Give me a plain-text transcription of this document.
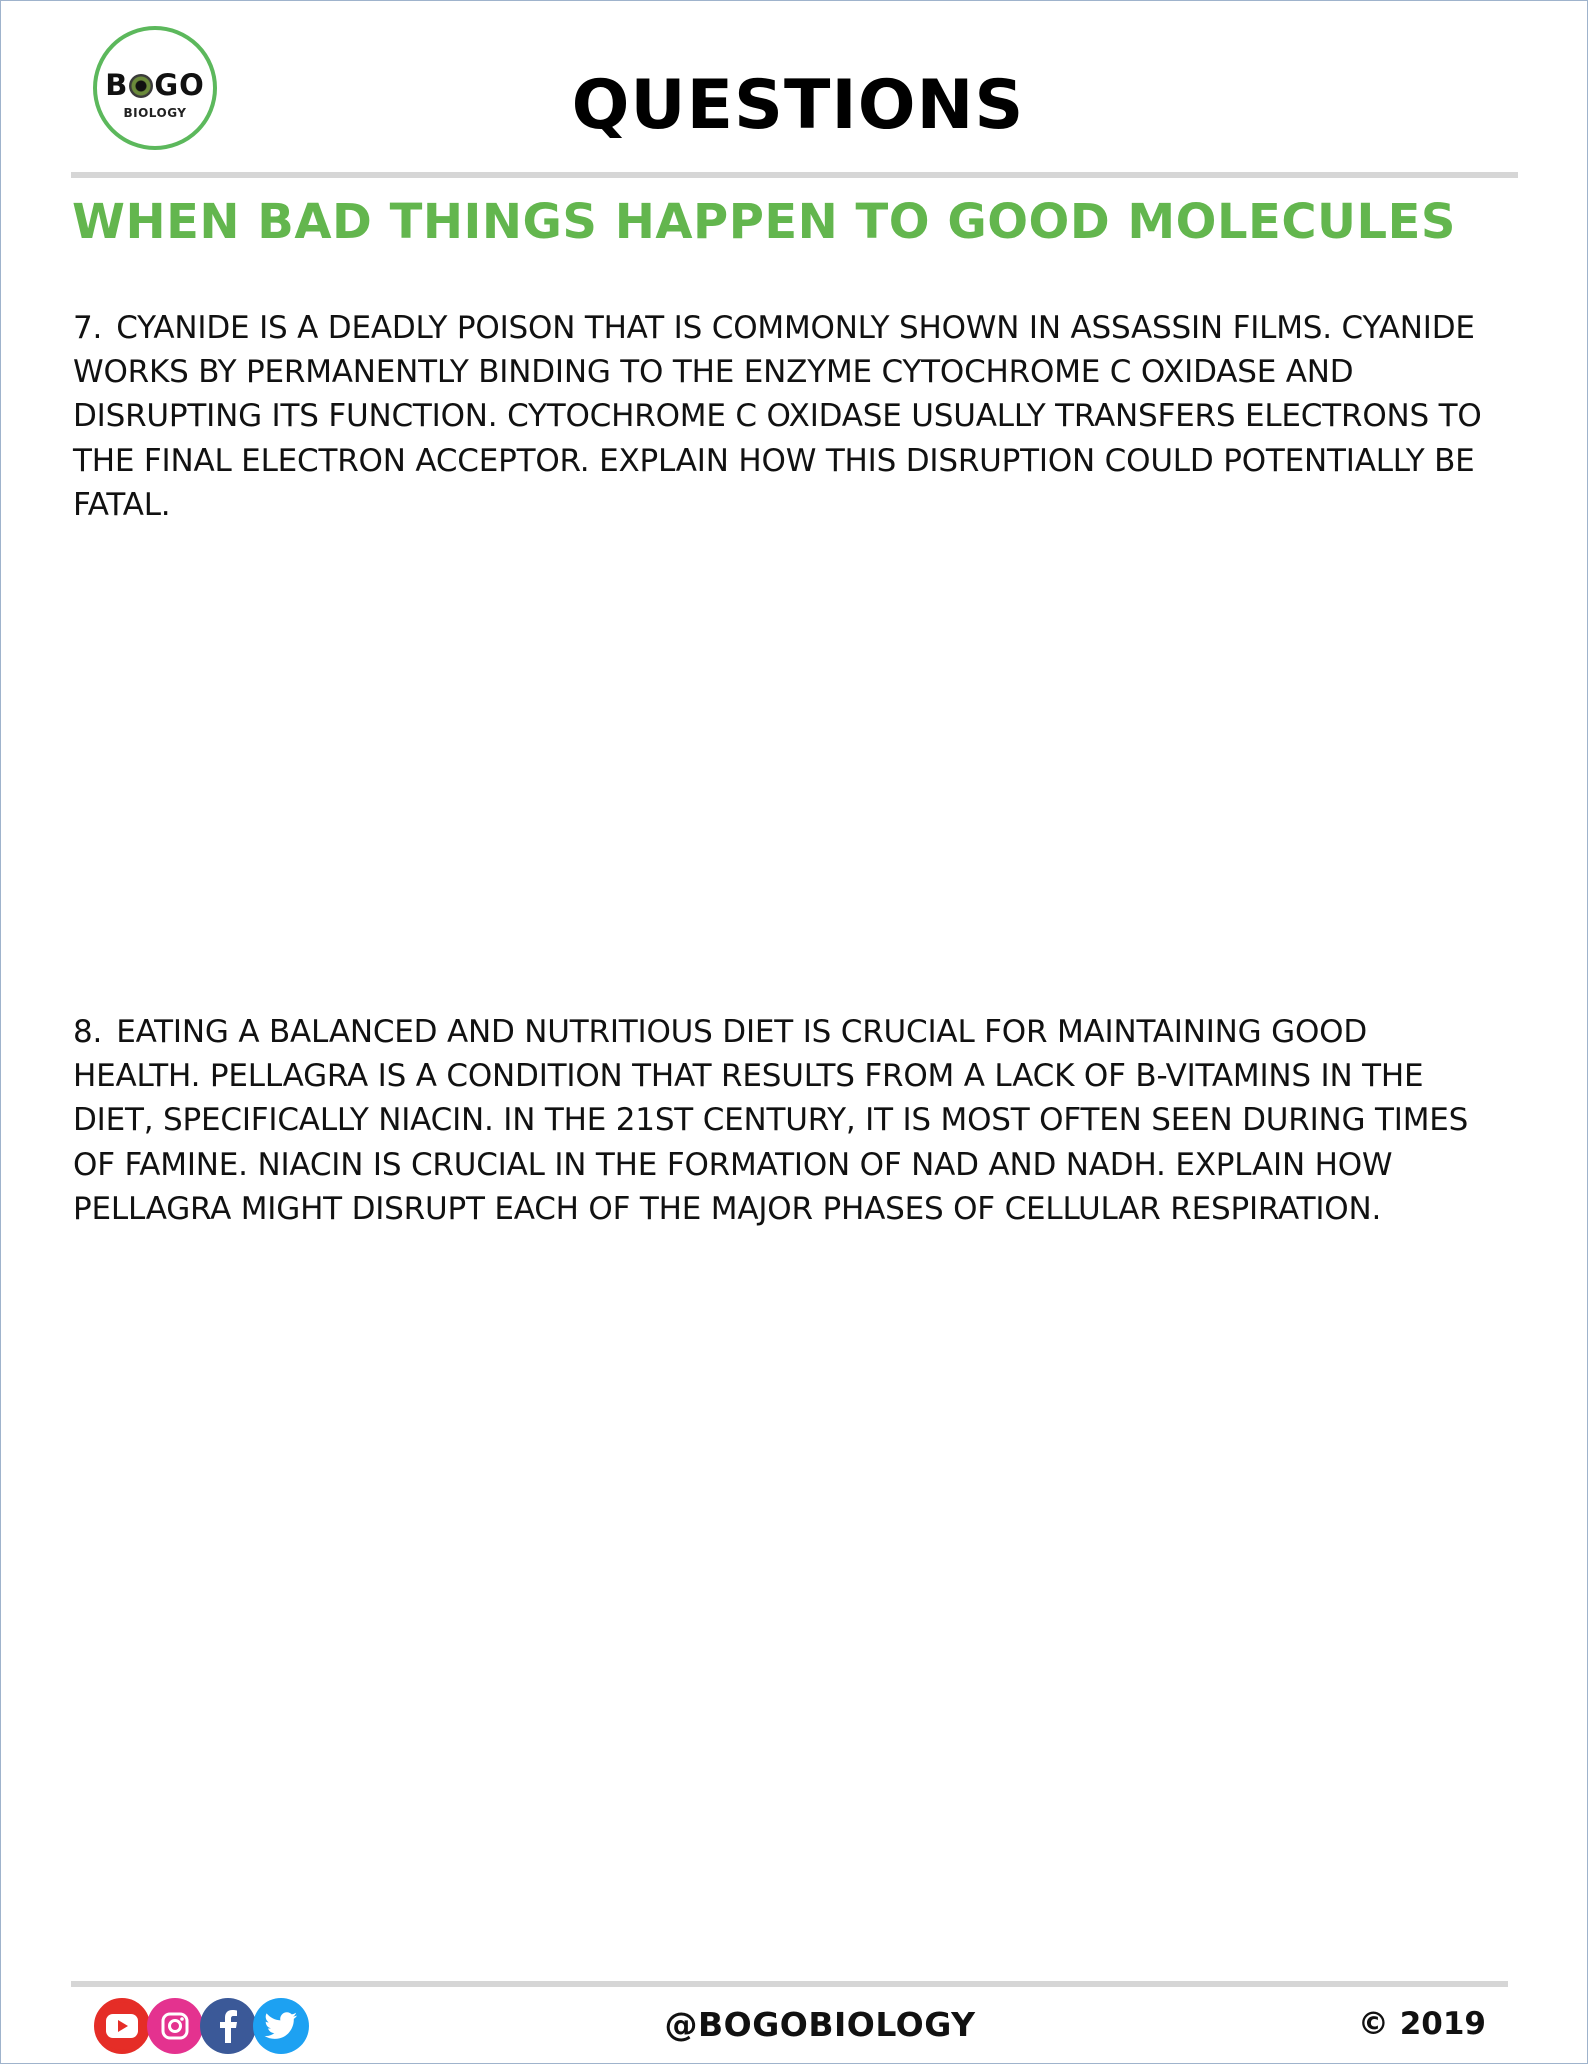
B GO
BIOLOGY	QUESTIONS
WHEN BAD THINGS HAPPEN TO GOOD MOLECULES

7. CYANIDE IS A DEADLY POISON THAT IS COMMONLY SHOWN IN ASSASSIN FILMS. CYANIDE WORKS BY PERMANENTLY BINDING TO THE ENZYME CYTOCHROME C OXIDASE AND DISRUPTING ITS FUNCTION. CYTOCHROME C OXIDASE USUALLY TRANSFERS ELECTRONS TO THE FINAL ELECTRON ACCEPTOR. EXPLAIN HOW THIS DISRUPTION COULD POTENTIALLY BE FATAL.

8. EATING A BALANCED AND NUTRITIOUS DIET IS CRUCIAL FOR MAINTAINING GOOD HEALTH. PELLAGRA IS A CONDITION THAT RESULTS FROM A LACK OF B-VITAMINS IN THE DIET, SPECIFICALLY NIACIN. IN THE 21ST CENTURY, IT IS MOST OFTEN SEEN DURING TIMES OF FAMINE. NIACIN IS CRUCIAL IN THE FORMATION OF NAD AND NADH. EXPLAIN HOW PELLAGRA MIGHT DISRUPT EACH OF THE MAJOR PHASES OF CELLULAR RESPIRATION.

@BOGOBIOLOGY	© 2019
